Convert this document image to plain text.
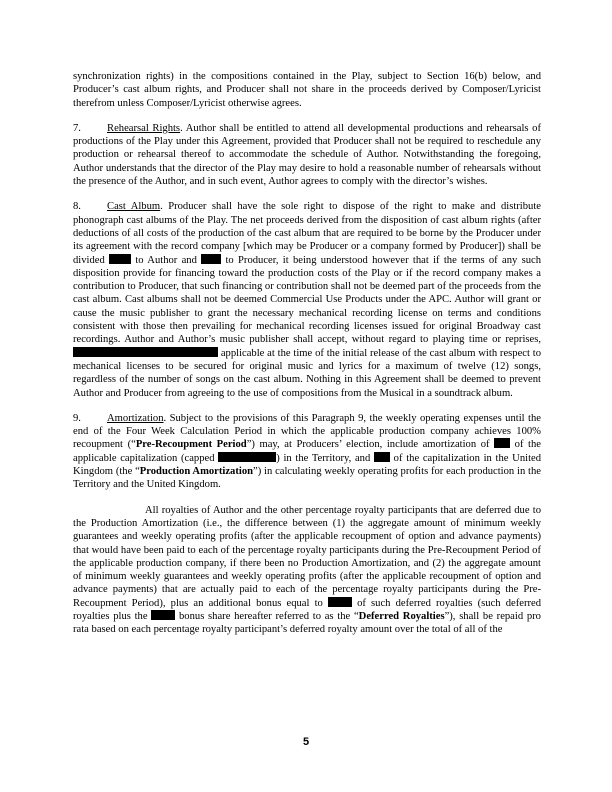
synchronization rights) in the compositions contained in the Play, subject to Section 16(b) below, and Producer’s cast album rights, and Producer shall not share in the proceeds derived by Composer/Lyricist therefrom unless Composer/Lyricist otherwise agrees.

7. Rehearsal Rights. Author shall be entitled to attend all developmental productions and rehearsals of productions of the Play under this Agreement, provided that Producer shall not be required to reschedule any production or rehearsal thereof to accommodate the schedule of Author. Notwithstanding the foregoing, Author understands that the director of the Play may desire to hold a reasonable number of rehearsals without the presence of the Author, and in such event, Author agrees to comply with the director’s wishes.

8. Cast Album. Producer shall have the sole right to dispose of the right to make and distribute phonograph cast albums of the Play. The net proceeds derived from the disposition of cast album rights (after deductions of all costs of the production of the cast album that are required to be borne by the Producer under its agreement with the record company [which may be Producer or a company formed by Producer]) shall be divided  to Author and  to Producer, it being understood however that if the terms of any such disposition provide for financing toward the production costs of the Play or if the record company makes a contribution to Producer, that such financing or contribution shall not be deemed part of the proceeds from the cast album. Cast albums shall not be deemed Commercial Use Products under the APC. Author will grant or cause the music publisher to grant the necessary mechanical recording license on terms and conditions consistent with those then prevailing for mechanical recording licenses issued for original Broadway cast recordings. Author and Author’s music publisher shall accept, without regard to playing time or reprises,  applicable at the time of the initial release of the cast album with respect to mechanical licenses to be secured for original music and lyrics for a maximum of twelve (12) songs, regardless of the number of songs on the cast album. Nothing in this Agreement shall be deemed to prevent Author and Producer from agreeing to the use of compositions from the Musical in a soundtrack album.

9. Amortization. Subject to the provisions of this Paragraph 9, the weekly operating expenses until the end of the Four Week Calculation Period in which the applicable production company achieves 100% recoupment (“Pre-Recoupment Period”) may, at Producers’ election, include amortization of  of the applicable capitalization (capped	) in the Territory, and  of the capitalization in the United Kingdom (the “Production Amortization”) in calculating weekly operating profits for each production in the Territory and the United Kingdom.

All royalties of Author and the other percentage royalty participants that are deferred due to the Production Amortization (i.e., the difference between (1) the aggregate amount of minimum weekly guarantees and weekly operating profits (after the applicable recoupment of option and advance payments) that would have been paid to each of the percentage royalty participants during the Pre-Recoupment Period of the applicable production company, if there been no Production Amortization, and (2) the aggregate amount of minimum weekly guarantees and weekly operating profits (after the applicable recoupment of option and advance payments) that are actually paid to each of the percentage royalty participants during the Pre-Recoupment Period), plus an additional bonus equal to  of such deferred royalties (such deferred royalties plus the  bonus share hereafter referred to as the “Deferred Royalties”), shall be repaid pro rata based on each percentage royalty participant’s deferred royalty amount over the total of all of the

5
